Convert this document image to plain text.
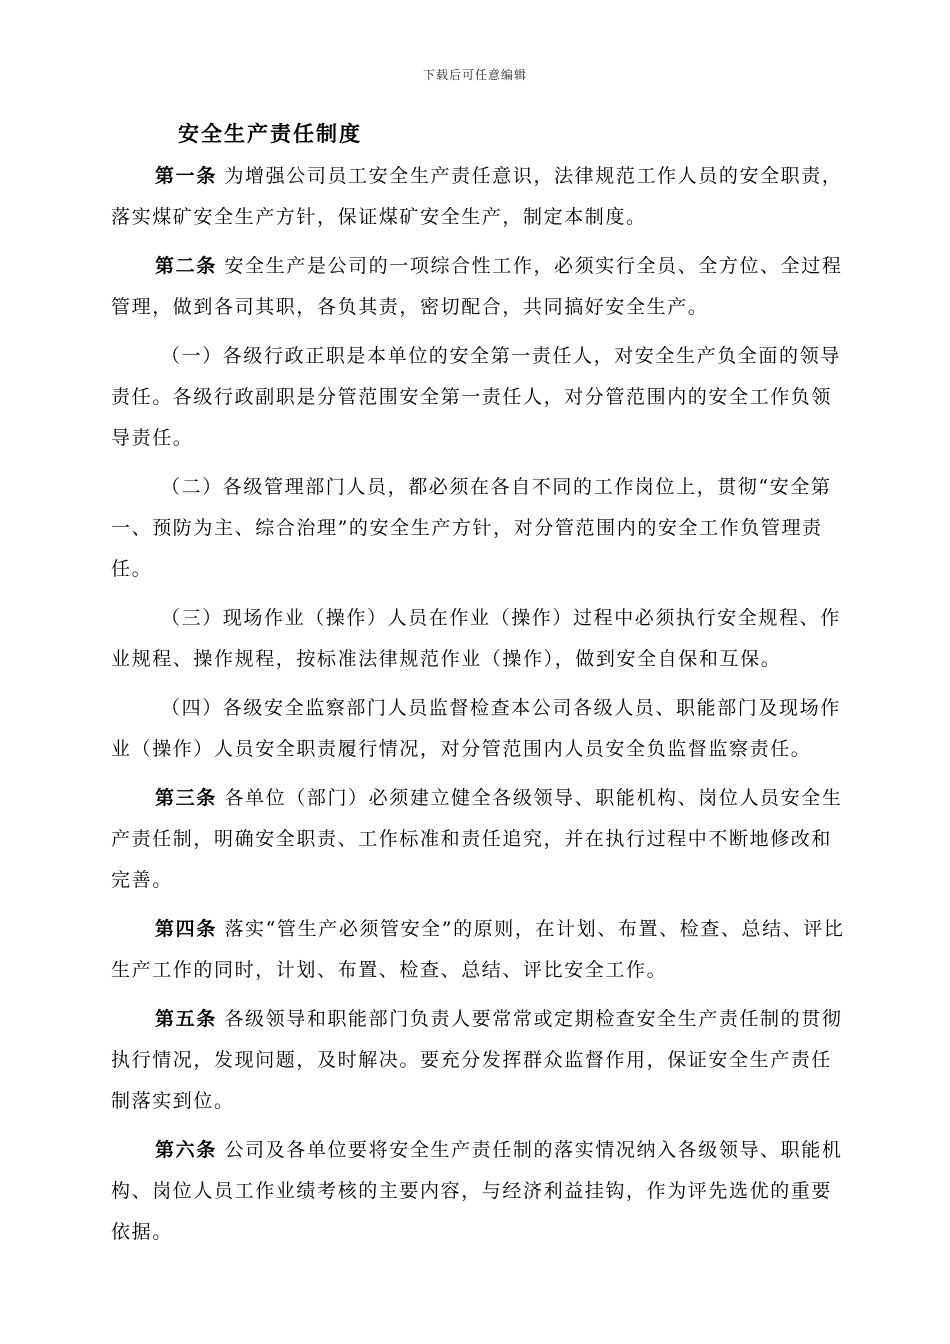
下载后可任意编辑
安全生产责任制度

第一条 为增强公司员工安全生产责任意识，法律规范工作人员的安全职责，落实煤矿安全生产方针，保证煤矿安全生产，制定本制度。

第二条 安全生产是公司的一项综合性工作，必须实行全员、全方位、全过程管理，做到各司其职，各负其责，密切配合，共同搞好安全生产。

（一）各级行政正职是本单位的安全第一责任人，对安全生产负全面的领导责任。各级行政副职是分管范围安全第一责任人，对分管范围内的安全工作负领导责任。

（二）各级管理部门人员，都必须在各自不同的工作岗位上，贯彻“安全第一、预防为主、综合治理”的安全生产方针，对分管范围内的安全工作负管理责任。

（三）现场作业（操作）人员在作业（操作）过程中必须执行安全规程、作业规程、操作规程，按标准法律规范作业（操作），做到安全自保和互保。

（四）各级安全监察部门人员监督检查本公司各级人员、职能部门及现场作业（操作）人员安全职责履行情况，对分管范围内人员安全负监督监察责任。

第三条 各单位（部门）必须建立健全各级领导、职能机构、岗位人员安全生产责任制，明确安全职责、工作标准和责任追究，并在执行过程中不断地修改和完善。

第四条 落实“管生产必须管安全”的原则，在计划、布置、检查、总结、评比生产工作的同时，计划、布置、检查、总结、评比安全工作。

第五条 各级领导和职能部门负责人要常常或定期检查安全生产责任制的贯彻执行情况，发现问题，及时解决。要充分发挥群众监督作用，保证安全生产责任制落实到位。

第六条 公司及各单位要将安全生产责任制的落实情况纳入各级领导、职能机构、岗位人员工作业绩考核的主要内容，与经济利益挂钩，作为评先选优的重要依据。
